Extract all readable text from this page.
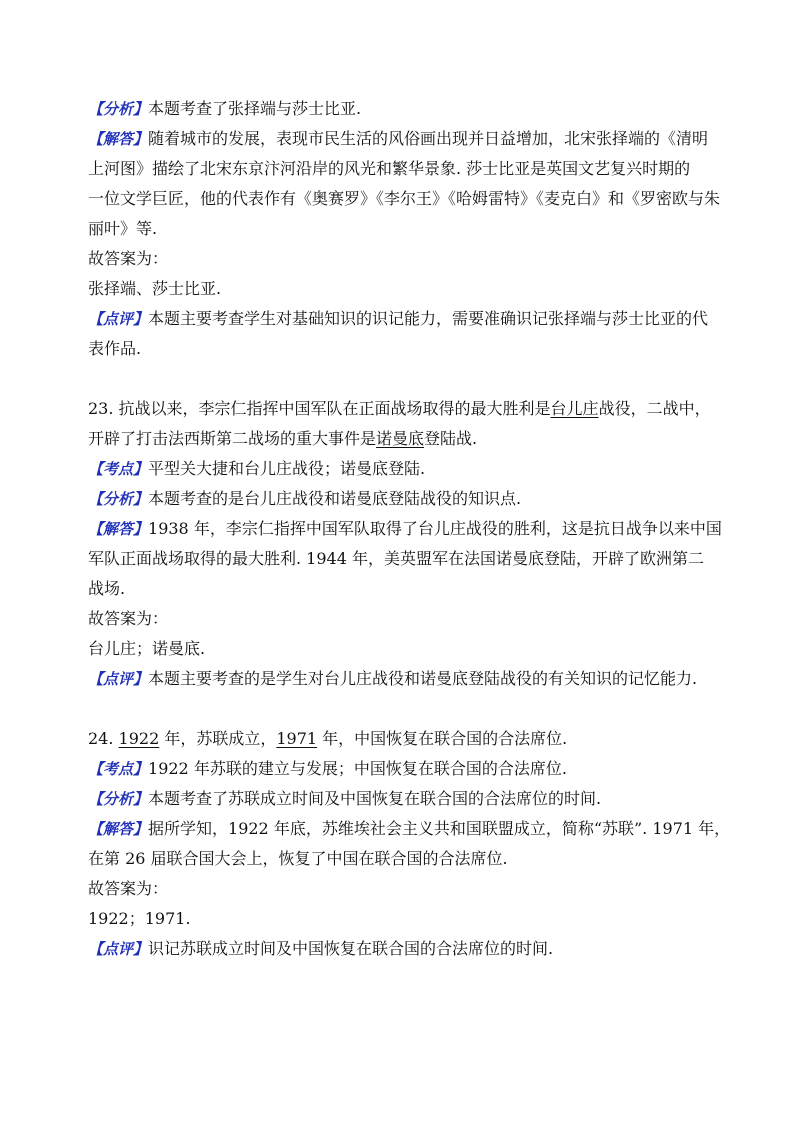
【分析】本题考查了张择端与莎士比亚.
【解答】随着城市的发展，表现市民生活的风俗画出现并日益增加，北宋张择端的《清明
上河图》描绘了北宋东京汴河沿岸的风光和繁华景象. 莎士比亚是英国文艺复兴时期的
一位文学巨匠，他的代表作有《奥赛罗》《李尔王》《哈姆雷特》《麦克白》和《罗密欧与朱
丽叶》等.
故答案为：
张择端、莎士比亚.
【点评】本题主要考查学生对基础知识的识记能力，需要准确识记张择端与莎士比亚的代
表作品.
23. 抗战以来，李宗仁指挥中国军队在正面战场取得的最大胜利是台儿庄战役，二战中，
开辟了打击法西斯第二战场的重大事件是诺曼底登陆战.
【考点】平型关大捷和台儿庄战役；诺曼底登陆.
【分析】本题考查的是台儿庄战役和诺曼底登陆战役的知识点.
【解答】1938 年，李宗仁指挥中国军队取得了台儿庄战役的胜利，这是抗日战争以来中国
军队正面战场取得的最大胜利. 1944 年，美英盟军在法国诺曼底登陆，开辟了欧洲第二
战场.
故答案为：
台儿庄；诺曼底.
【点评】本题主要考查的是学生对台儿庄战役和诺曼底登陆战役的有关知识的记忆能力.
24. 1922 年，苏联成立，1971 年，中国恢复在联合国的合法席位.
【考点】1922 年苏联的建立与发展；中国恢复在联合国的合法席位.
【分析】本题考查了苏联成立时间及中国恢复在联合国的合法席位的时间.
【解答】据所学知，1922 年底，苏维埃社会主义共和国联盟成立，简称“苏联”. 1971 年，
在第 26 届联合国大会上，恢复了中国在联合国的合法席位.
故答案为：
1922；1971.
【点评】识记苏联成立时间及中国恢复在联合国的合法席位的时间.
